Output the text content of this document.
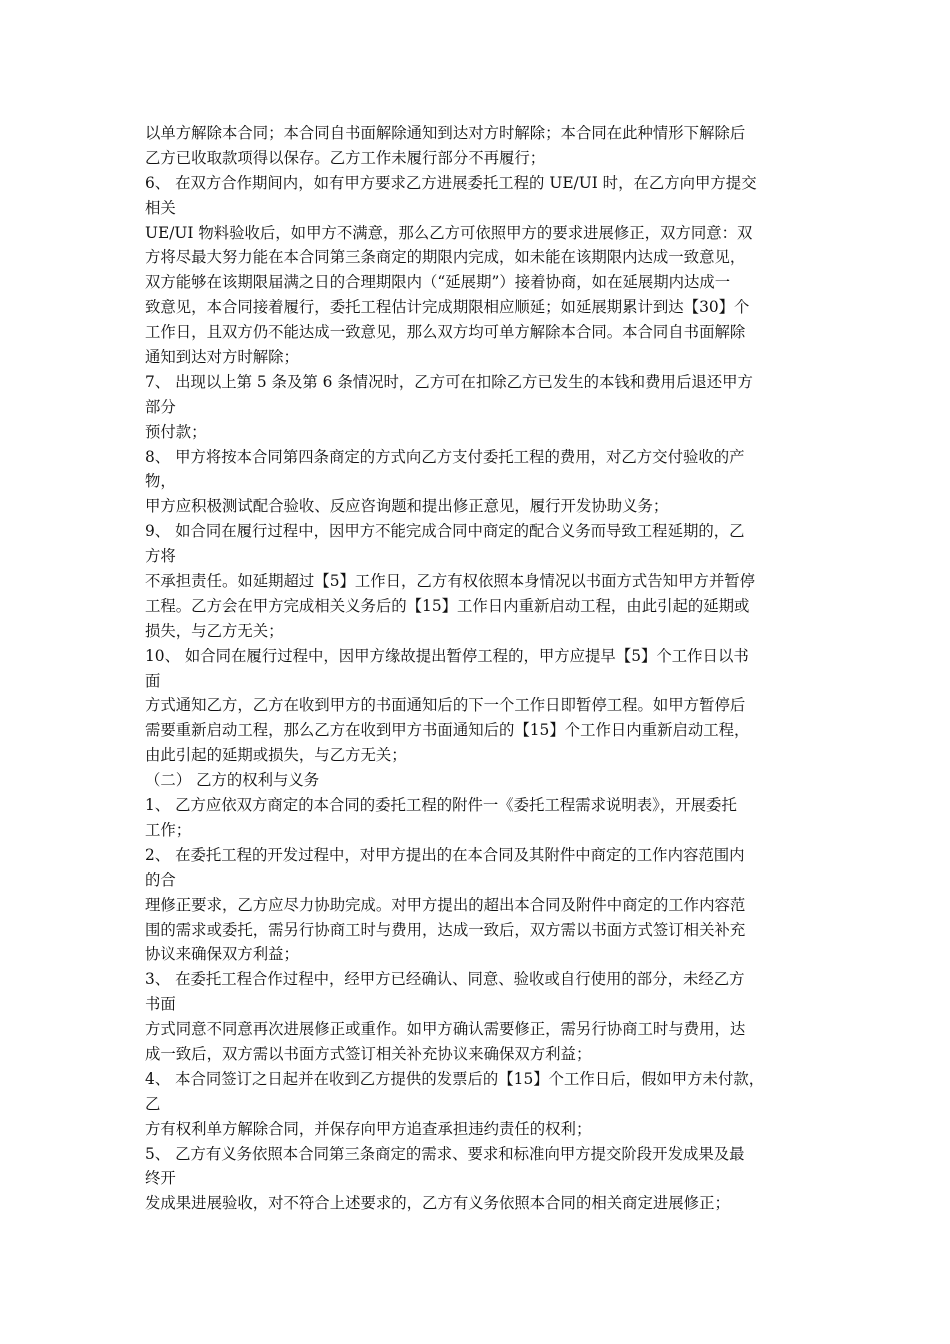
以单方解除本合同；本合同自书面解除通知到达对方时解除；本合同在此种情形下解除后
乙方已收取款项得以保存。乙方工作未履行部分不再履行；
6、 在双方合作期间内，如有甲方要求乙方进展委托工程的 UE/UI 时，在乙方向甲方提交
相关
UE/UI 物料验收后，如甲方不满意，那么乙方可依照甲方的要求进展修正，双方同意：双
方将尽最大努力能在本合同第三条商定的期限内完成，如未能在该期限内达成一致意见，
双方能够在该期限届满之日的合理期限内（“延展期”）接着协商，如在延展期内达成一
致意见，本合同接着履行，委托工程估计完成期限相应顺延；如延展期累计到达【30】个
工作日，且双方仍不能达成一致意见，那么双方均可单方解除本合同。本合同自书面解除
通知到达对方时解除；
7、 出现以上第 5 条及第 6 条情况时，乙方可在扣除乙方已发生的本钱和费用后退还甲方
部分
预付款；
8、 甲方将按本合同第四条商定的方式向乙方支付委托工程的费用，对乙方交付验收的产
物，
甲方应积极测试配合验收、反应咨询题和提出修正意见，履行开发协助义务；
9、 如合同在履行过程中，因甲方不能完成合同中商定的配合义务而导致工程延期的，乙
方将
不承担责任。如延期超过【5】工作日，乙方有权依照本身情况以书面方式告知甲方并暂停
工程。乙方会在甲方完成相关义务后的【15】工作日内重新启动工程，由此引起的延期或
损失，与乙方无关；
10、 如合同在履行过程中，因甲方缘故提出暂停工程的，甲方应提早【5】个工作日以书
面
方式通知乙方，乙方在收到甲方的书面通知后的下一个工作日即暂停工程。如甲方暂停后
需要重新启动工程，那么乙方在收到甲方书面通知后的【15】个工作日内重新启动工程，
由此引起的延期或损失，与乙方无关；
（二） 乙方的权利与义务
1、 乙方应依双方商定的本合同的委托工程的附件一《委托工程需求说明表》，开展委托
工作；
2、 在委托工程的开发过程中，对甲方提出的在本合同及其附件中商定的工作内容范围内
的合
理修正要求，乙方应尽力协助完成。对甲方提出的超出本合同及附件中商定的工作内容范
围的需求或委托，需另行协商工时与费用，达成一致后，双方需以书面方式签订相关补充
协议来确保双方利益；
3、 在委托工程合作过程中，经甲方已经确认、同意、验收或自行使用的部分，未经乙方
书面
方式同意不同意再次进展修正或重作。如甲方确认需要修正，需另行协商工时与费用，达
成一致后，双方需以书面方式签订相关补充协议来确保双方利益；
4、 本合同签订之日起并在收到乙方提供的发票后的【15】个工作日后，假如甲方未付款，
乙
方有权利单方解除合同，并保存向甲方追查承担违约责任的权利；
5、 乙方有义务依照本合同第三条商定的需求、要求和标准向甲方提交阶段开发成果及最
终开
发成果进展验收，对不符合上述要求的，乙方有义务依照本合同的相关商定进展修正；
